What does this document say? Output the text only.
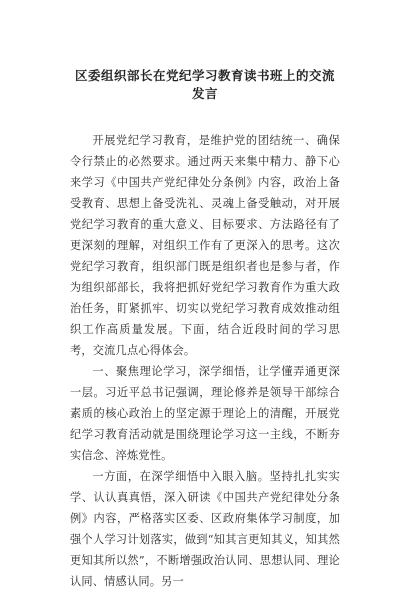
区委组织部长在党纪学习教育读书班上的交流发言

开展党纪学习教育，是维护党的团结统一、确保令行禁止的必然要求。通过两天来集中精力、静下心来学习《中国共产党纪律处分条例》内容，政治上备受教育、思想上备受洗礼、灵魂上备受触动，对开展党纪学习教育的重大意义、目标要求、方法路径有了更深刻的理解，对组织工作有了更深入的思考。这次党纪学习教育，组织部门既是组织者也是参与者，作为组织部部长，我将把抓好党纪学习教育作为重大政治任务，盯紧抓牢、切实以党纪学习教育成效推动组织工作高质量发展。下面，结合近段时间的学习思考，交流几点心得体会。

一、聚焦理论学习，深学细悟，让学懂弄通更深一层。习近平总书记强调，理论修养是领导干部综合素质的核心政治上的坚定源于理论上的清醒，开展党纪学习教育活动就是围绕理论学习这一主线，不断夯实信念、淬炼党性。

一方面，在深学细悟中入眼入脑。坚持扎扎实实学、认认真真悟，深入研读《中国共产党纪律处分条例》内容，严格落实区委、区政府集体学习制度，加强个人学习计划落实，做到“知其言更知其义，知其然更知其所以然”，不断增强政治认同、思想认同、理论认同、情感认同。另一
